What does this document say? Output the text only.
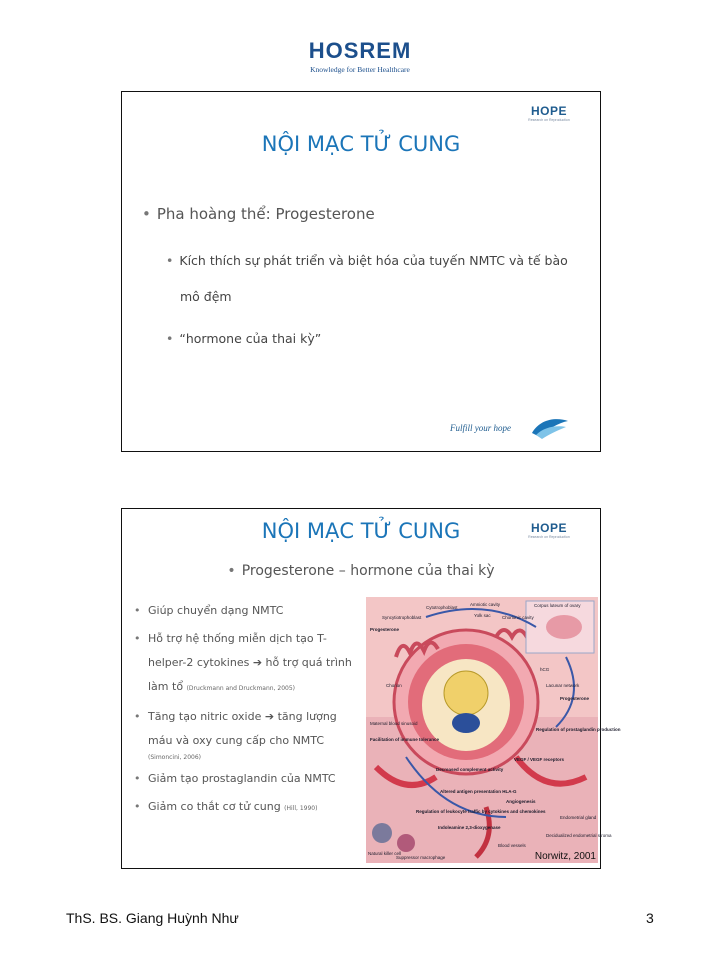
HOSREM
Knowledge for Better Healthcare
HOPE
Research on Reproduction
NỘI MẠC TỬ CUNG
• Pha hoàng thể: Progesterone
• Kích thích sự phát triển và biệt hóa của tuyến NMTC và tế bào
mô đệm
• “hormone của thai kỳ”
Fulfill your hope
HOPE
Research on Reproduction
NỘI MẠC TỬ CUNG
• Progesterone – hormone của thai kỳ
• Giúp chuyển dạng NMTC
• Hỗ trợ hệ thống miễn dịch tạo T-helper-2 cytokines ➔ hỗ trợ quá trình làm tổ (Druckmann and Druckmann, 2005)
• Tăng tạo nitric oxide ➔ tăng lượng máu và oxy cung cấp cho NMTC
(Simoncini, 2006)
• Giảm tạo prostaglandin của NMTC
• Giảm co thắt cơ tử cung (Hill, 1990)
Cytotrophoblast
Amniotic cavity
Yolk sac	Chorionic cavity
Syncytiotrophoblast
Progesterone
Corpus luteum of ovary
hCG
Lacunar network
Progesterone
Chorion
Maternal blood sinusoid
Facilitation of immune tolerance
Regulation of prostaglandin production
VEGF / VEGF receptors
Decreased complement activity
Altered antigen presentation HLA-G
Angiogenesis
Endometrial gland
Regulation of leukocyte traffic by cytokines and chemokines
Decidualized endometrial stroma
Indoleamine 2,3-dioxygenase
Natural killer cell
Suppressor macrophage
Blood vessels
Norwitz, 2001
ThS. BS. Giang Huỳnh Như	3
